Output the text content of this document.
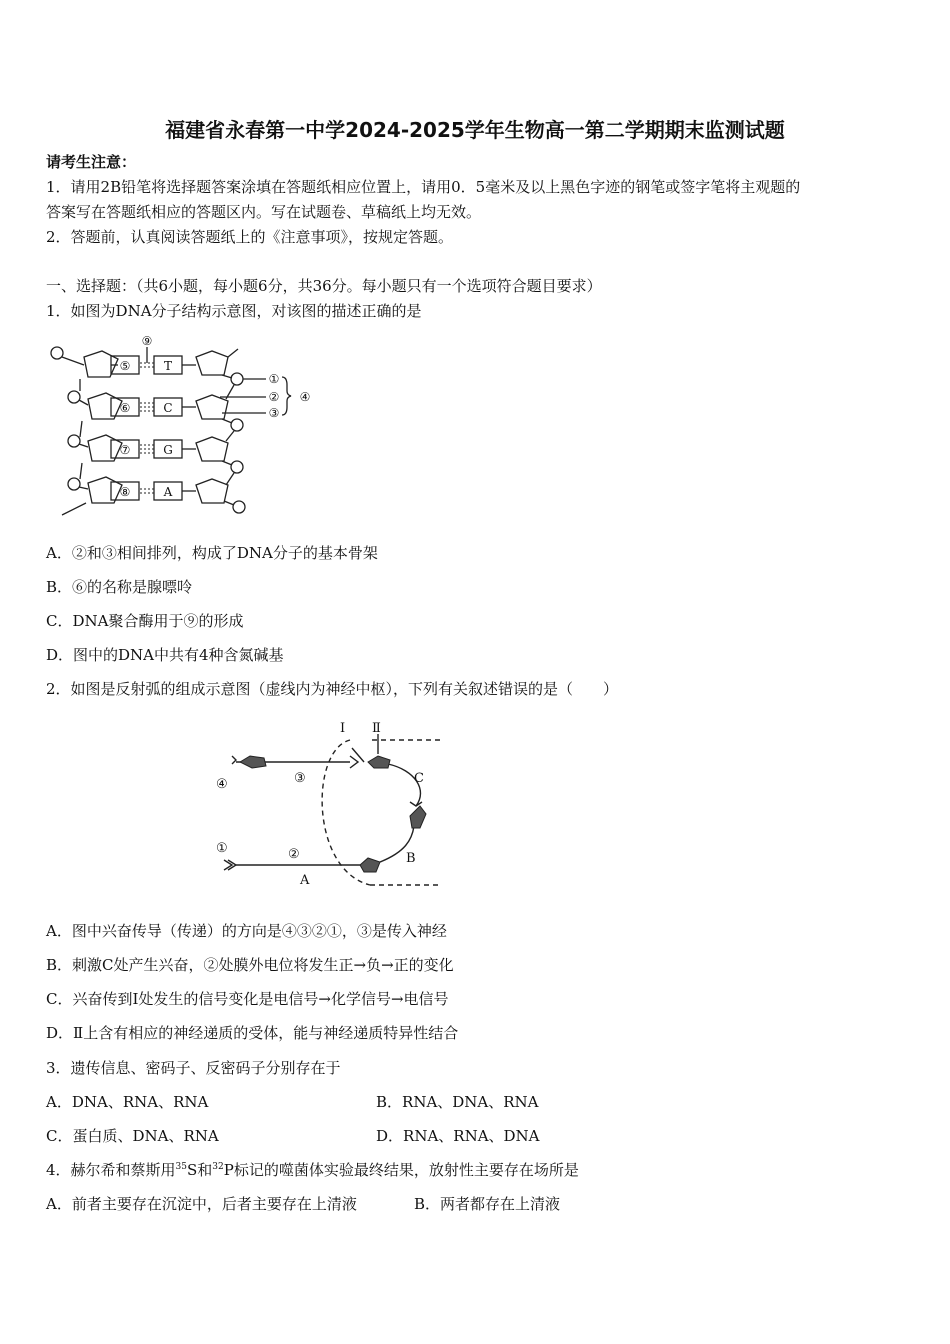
福建省永春第一中学2024-2025学年生物高一第二学期期末监测试题
请考生注意：
1．请用2B铅笔将选择题答案涂填在答题纸相应位置上，请用0．5毫米及以上黑色字迹的钢笔或签字笔将主观题的
答案写在答题纸相应的答题区内。写在试题卷、草稿纸上均无效。
2．答题前，认真阅读答题纸上的《注意事项》，按规定答题。
一、选择题：（共6小题，每小题6分，共36分。每小题只有一个选项符合题目要求）
1．如图为DNA分子结构示意图，对该图的描述正确的是
⑨
⑤	T
⑥	C
⑦	G
⑧	A
①
②
③
④
A．②和③相间排列，构成了DNA分子的基本骨架
B．⑥的名称是腺嘌呤
C．DNA聚合酶用于⑨的形成
D．图中的DNA中共有4种含氮碱基
2．如图是反射弧的组成示意图（虚线内为神经中枢），下列有关叙述错误的是（　　）
Ⅰ Ⅱ
④	③	C
①	②	B
A
A．图中兴奋传导（传递）的方向是④③②①，③是传入神经
B．刺激C处产生兴奋，②处膜外电位将发生正→负→正的变化
C．兴奋传到Ⅰ处发生的信号变化是电信号→化学信号→电信号
D．Ⅱ上含有相应的神经递质的受体，能与神经递质特异性结合
3．遗传信息、密码子、反密码子分别存在于
A．DNA、RNA、RNA	B．RNA、DNA、RNA
C．蛋白质、DNA、RNA	D．RNA、RNA、DNA
4．赫尔希和蔡斯用$^{35}$S和$^{32}$P标记的噬菌体实验最终结果，放射性主要存在场所是
A．前者主要存在沉淀中，后者主要存在上清液	B．两者都存在上清液
